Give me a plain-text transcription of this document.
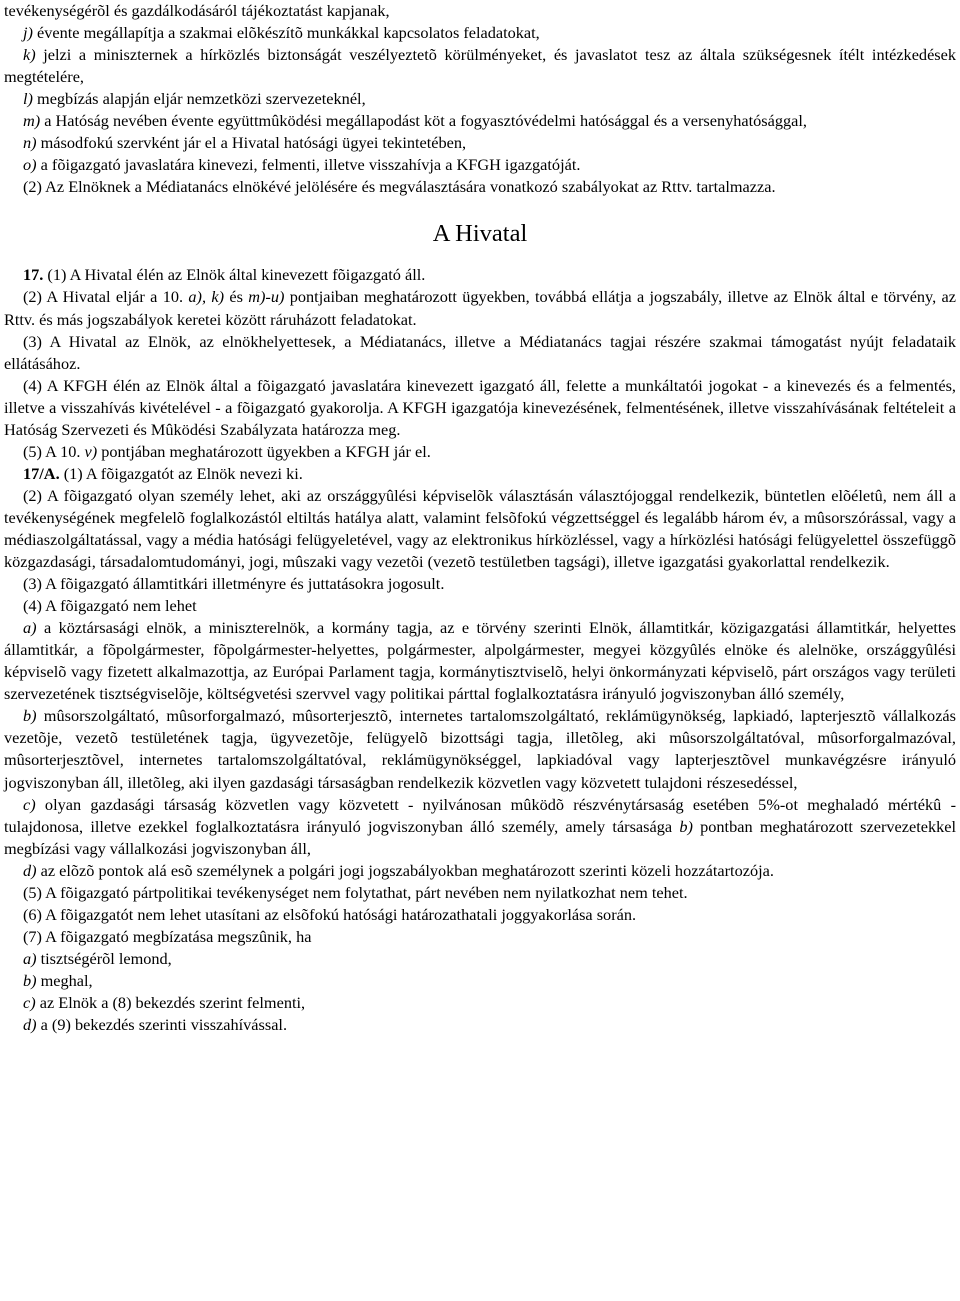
tevékenységérõl és gazdálkodásáról tájékoztatást kapjanak,

j) évente megállapítja a szakmai elõkészítõ munkákkal kapcsolatos feladatokat,

k) jelzi a miniszternek a hírközlés biztonságát veszélyeztetõ körülményeket, és javaslatot tesz az általa szükségesnek ítélt intézkedések megtételére,

l) megbízás alapján eljár nemzetközi szervezeteknél,

m) a Hatóság nevében évente együttmûködési megállapodást köt a fogyasztóvédelmi hatósággal és a versenyhatósággal,

n) másodfokú szervként jár el a Hivatal hatósági ügyei tekintetében,

o) a fõigazgató javaslatára kinevezi, felmenti, illetve visszahívja a KFGH igazgatóját.

(2) Az Elnöknek a Médiatanács elnökévé jelölésére és megválasztására vonatkozó szabályokat az Rttv. tartalmazza.

A Hivatal

17. (1) A Hivatal élén az Elnök által kinevezett fõigazgató áll.

(2) A Hivatal eljár a 10. a), k) és m)-u) pontjaiban meghatározott ügyekben, továbbá ellátja a jogszabály, illetve az Elnök által e törvény, az Rttv. és más jogszabályok keretei között ráruházott feladatokat.

(3) A Hivatal az Elnök, az elnökhelyettesek, a Médiatanács, illetve a Médiatanács tagjai részére szakmai támogatást nyújt feladataik ellátásához.

(4) A KFGH élén az Elnök által a fõigazgató javaslatára kinevezett igazgató áll, felette a munkáltatói jogokat - a kinevezés és a felmentés, illetve a visszahívás kivételével - a fõigazgató gyakorolja. A KFGH igazgatója kinevezésének, felmentésének, illetve visszahívásának feltételeit a Hatóság Szervezeti és Mûködési Szabályzata határozza meg.

(5) A 10. v) pontjában meghatározott ügyekben a KFGH jár el.

17/A. (1) A fõigazgatót az Elnök nevezi ki.

(2) A fõigazgató olyan személy lehet, aki az országgyûlési képviselõk választásán választójoggal rendelkezik, büntetlen elõéletû, nem áll a tevékenységének megfelelõ foglalkozástól eltiltás hatálya alatt, valamint felsõfokú végzettséggel és legalább három év, a mûsorszórással, vagy a médiaszolgáltatással, vagy a média hatósági felügyeletével, vagy az elektronikus hírközléssel, vagy a hírközlési hatósági felügyelettel összefüggõ közgazdasági, társadalomtudományi, jogi, mûszaki vagy vezetõi (vezetõ testületben tagsági), illetve igazgatási gyakorlattal rendelkezik.

(3) A fõigazgató államtitkári illetményre és juttatásokra jogosult.

(4) A fõigazgató nem lehet

a) a köztársasági elnök, a miniszterelnök, a kormány tagja, az e törvény szerinti Elnök, államtitkár, közigazgatási államtitkár, helyettes államtitkár, a fõpolgármester, fõpolgármester-helyettes, polgármester, alpolgármester, megyei közgyûlés elnöke és alelnöke, országgyûlési képviselõ vagy fizetett alkalmazottja, az Európai Parlament tagja, kormánytisztviselõ, helyi önkormányzati képviselõ, párt országos vagy területi szervezetének tisztségviselõje, költségvetési szervvel vagy politikai párttal foglalkoztatásra irányuló jogviszonyban álló személy,

b) mûsorszolgáltató, mûsorforgalmazó, mûsorterjesztõ, internetes tartalomszolgáltató, reklámügynökség, lapkiadó, lapterjesztõ vállalkozás vezetõje, vezetõ testületének tagja, ügyvezetõje, felügyelõ bizottsági tagja, illetõleg, aki mûsorszolgáltatóval, mûsorforgalmazóval, mûsorterjesztõvel, internetes tartalomszolgáltatóval, reklámügynökséggel, lapkiadóval vagy lapterjesztõvel munkavégzésre irányuló jogviszonyban áll, illetõleg, aki ilyen gazdasági társaságban rendelkezik közvetlen vagy közvetett tulajdoni részesedéssel,

c) olyan gazdasági társaság közvetlen vagy közvetett - nyilvánosan mûködõ részvénytársaság esetében 5%-ot meghaladó mértékû - tulajdonosa, illetve ezekkel foglalkoztatásra irányuló jogviszonyban álló személy, amely társasága b) pontban meghatározott szervezetekkel megbízási vagy vállalkozási jogviszonyban áll,

d) az elõzõ pontok alá esõ személynek a polgári jogi jogszabályokban meghatározott szerinti közeli hozzátartozója.

(5) A fõigazgató pártpolitikai tevékenységet nem folytathat, párt nevében nem nyilatkozhat nem tehet.

(6) A fõigazgatót nem lehet utasítani az elsõfokú hatósági határozathatali joggyakorlása során.

(7) A fõigazgató megbízatása megszûnik, ha

a) tisztségérõl lemond,

b) meghal,

c) az Elnök a (8) bekezdés szerint felmenti,

d) a (9) bekezdés szerinti visszahívással.
